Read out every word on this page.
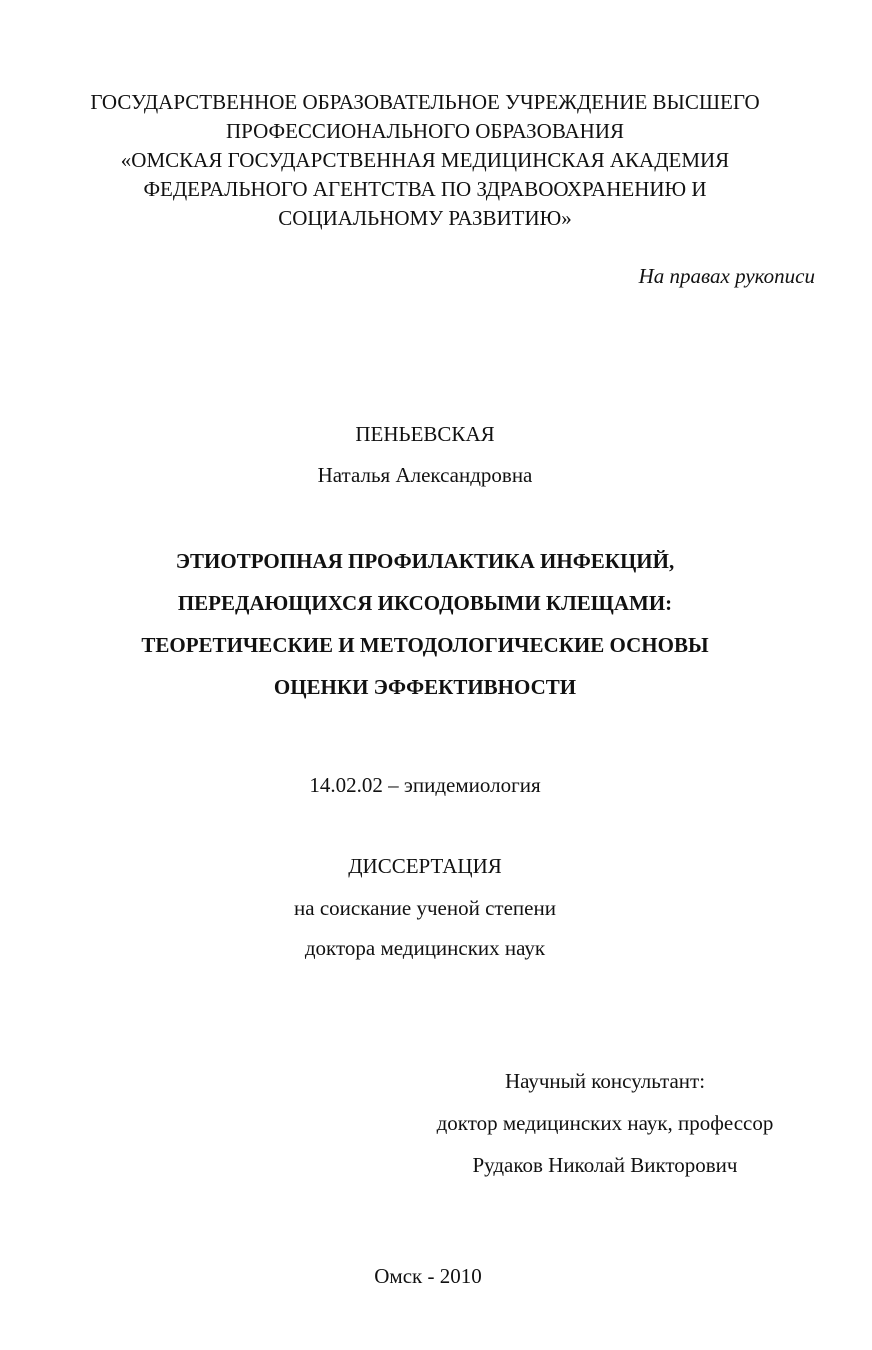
ГОСУДАРСТВЕННОЕ ОБРАЗОВАТЕЛЬНОЕ УЧРЕЖДЕНИЕ ВЫСШЕГО
ПРОФЕССИОНАЛЬНОГО ОБРАЗОВАНИЯ
«ОМСКАЯ ГОСУДАРСТВЕННАЯ МЕДИЦИНСКАЯ АКАДЕМИЯ
ФЕДЕРАЛЬНОГО АГЕНТСТВА ПО ЗДРАВООХРАНЕНИЮ И
СОЦИАЛЬНОМУ РАЗВИТИЮ»
На правах рукописи
ПЕНЬЕВСКАЯ
Наталья Александровна
ЭТИОТРОПНАЯ ПРОФИЛАКТИКА ИНФЕКЦИЙ,
ПЕРЕДАЮЩИХСЯ ИКСОДОВЫМИ КЛЕЩАМИ:
ТЕОРЕТИЧЕСКИЕ И МЕТОДОЛОГИЧЕСКИЕ ОСНОВЫ
ОЦЕНКИ ЭФФЕКТИВНОСТИ
14.02.02 – эпидемиология
ДИССЕРТАЦИЯ
на соискание ученой степени
доктора медицинских наук
Научный консультант:
доктор медицинских наук, профессор
Рудаков Николай Викторович
Омск - 2010
